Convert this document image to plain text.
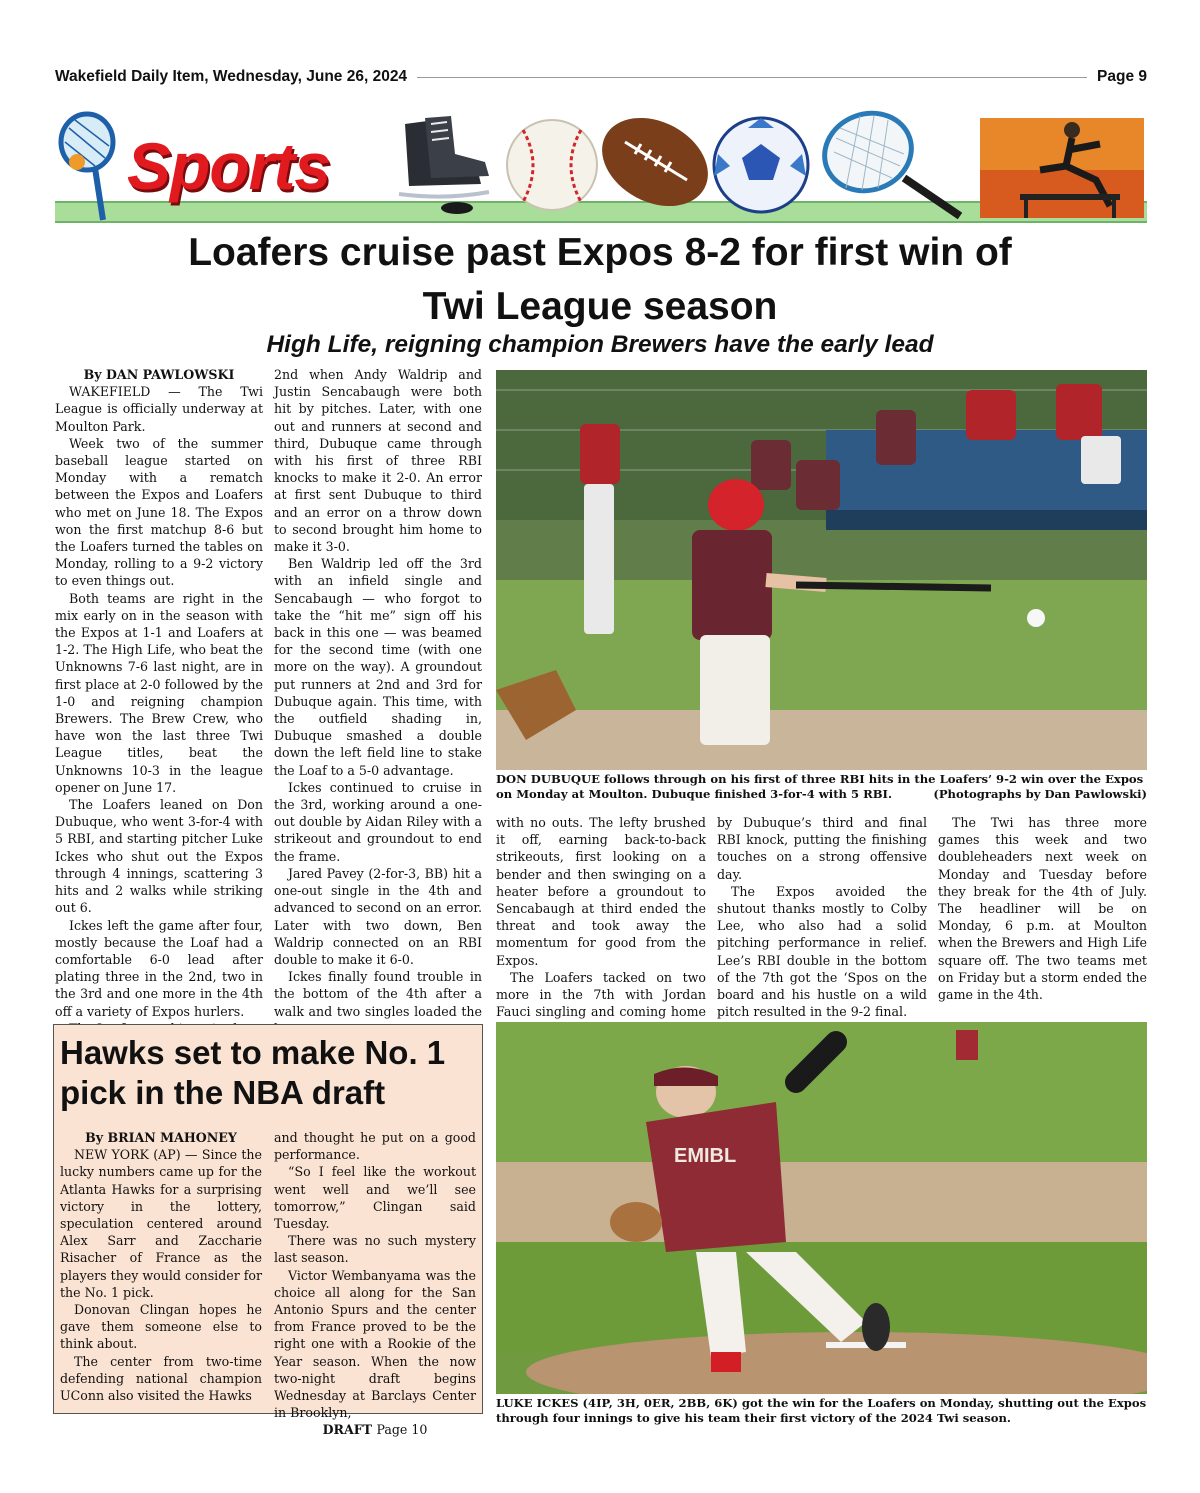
Wakefield Daily Item, Wednesday, June 26, 2024	Page 9
Sports
Loafers cruise past Expos 8-2 for first win of
Twi League season
High Life, reigning champion Brewers have the early lead

By DAN PAWLOWSKI

WAKEFIELD — The Twi League is officially underway at Moulton Park.

Week two of the summer baseball league started on Monday with a rematch between the Expos and Loafers who met on June 18. The Expos won the first matchup 8-6 but the Loafers turned the tables on Monday, rolling to a 9-2 victory to even things out.

Both teams are right in the mix early on in the season with the Expos at 1-1 and Loafers at 1-2. The High Life, who beat the Unknowns 7-6 last night, are in first place at 2-0 followed by the 1-0 and reigning champion Brewers. The Brew Crew, who have won the last three Twi League titles, beat the Unknowns 10-3 in the league opener on June 17.

The Loafers leaned on Don Dubuque, who went 3-for-4 with 5 RBI, and starting pitcher Luke Ickes who shut out the Expos through 4 innings, scattering 3 hits and 2 walks while striking out 6.

Ickes left the game after four, mostly because the Loaf had a comfortable 6-0 lead after plating three in the 2nd, two in the 3rd and one more in the 4th off a variety of Expos hurlers.

2nd when Andy Waldrip and Justin Sencabaugh were both hit by pitches. Later, with one out and runners at second and third, Dubuque came through with his first of three RBI knocks to make it 2-0. An error at first sent Dubuque to third and an error on a throw down to second brought him home to make it 3-0.

Ben Waldrip led off the 3rd with an infield single and Sencabaugh — who forgot to take the “hit me” sign off his back in this one — was beamed for the second time (with one more on the way). A groundout put runners at 2nd and 3rd for Dubuque again. This time, with the outfield shading in, Dubuque smashed a double down the left field line to stake the Loaf to a 5-0 advantage.

Ickes continued to cruise in the 3rd, working around a one-out double by Aidan Riley with a strikeout and groundout to end the frame.

Jared Pavey (2-for-3, BB) hit a one-out single in the 4th and advanced to second on an error. Later with two down, Ben Waldrip connected on an RBI double to make it 6-0.

Ickes finally found trouble in the bottom of the 4th after a walk and two singles loaded the

DON DUBUQUE follows through on his first of three RBI hits in the Loafers’ 9-2 win over the Expos on Monday at Moulton. Dubuque finished 3-for-4 with 5 RBI.	(Photographs by Dan Pawlowski)

with no outs. The lefty brushed it off, earning back-to-back strikeouts, first looking on a bender and then swinging on a heater before a groundout to Sencabaugh at third ended the threat and took away the momentum for good from the Expos.

The Loafers tacked on two more in the 7th with Jordan Fauci singling and coming home

by Dubuque’s third and final RBI knock, putting the finishing touches on a strong offensive day.

The Expos avoided the shutout thanks mostly to Colby Lee, who also had a solid pitching performance in relief. Lee’s RBI double in the bottom of the 7th got the ‘Spos on the board and his hustle on a wild pitch resulted in the 9-2 final.

The Twi has three more games this week and two doubleheaders next week on Monday and Tuesday before they break for the 4th of July. The headliner will be on Monday, 6 p.m. at Moulton when the Brewers and High Life square off. The two teams met on Friday but a storm ended the game in the 4th.

EMIBL
LUKE ICKES (4IP, 3H, 0ER, 2BB, 6K) got the win for the Loafers on Monday, shutting out the Expos through four innings to give his team their first victory of the 2024 Twi season.
Hawks set to make No. 1 pick in the NBA draft

By BRIAN MAHONEY

NEW YORK (AP) — Since the lucky numbers came up for the Atlanta Hawks for a surprising victory in the lottery, speculation centered around Alex Sarr and Zaccharie Risacher of France as the players they would consider for the No. 1 pick.

Donovan Clingan hopes he gave them someone else to think about.

The center from two-time defending national champion UConn also visited the Hawks

and thought he put on a good performance.

“So I feel like the workout went well and we’ll see tomorrow,” Clingan said Tuesday.

There was no such mystery last season.

Victor Wembanyama was the choice all along for the San Antonio Spurs and the center from France proved to be the right one with a Rookie of the Year season. When the now two-night draft begins Wednesday at Barclays Center in Brooklyn,

DRAFT Page 10
